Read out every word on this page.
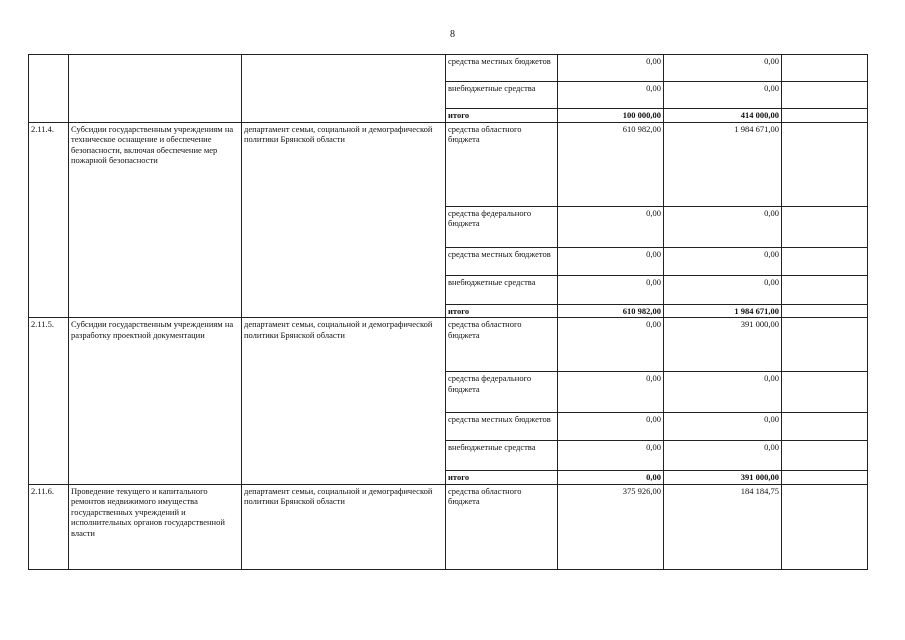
8
			средства местных бюджетов	0,00	0,00	
			внебюджетные средства	0,00	0,00	
			итого	100 000,00	414 000,00	
2.11.4.	Субсидии государственным учреждениям на техническое оснащение и обеспечение безопасности, включая обеспечение мер пожарной безопасности	департамент семьи, социальной и демографической политики Брянской области	средства областного бюджета	610 982,00	1 984 671,00	
			средства федерального бюджета	0,00	0,00	
			средства местных бюджетов	0,00	0,00	
			внебюджетные средства	0,00	0,00	
			итого	610 982,00	1 984 671,00	
2.11.5.	Субсидии государственным учреждениям на разработку проектной документации	департамент семьи, социальной и демографической политики Брянской области	средства областного бюджета	0,00	391 000,00	
			средства федерального бюджета	0,00	0,00	
			средства местных бюджетов	0,00	0,00	
			внебюджетные средства	0,00	0,00	
			итого	0,00	391 000,00	
2.11.6.	Проведение текущего и капитального ремонтов недвижимого имущества государственных учреждений и исполнительных органов государственной власти	департамент семьи, социальной и демографической политики Брянской области	средства областного бюджета	375 926,00	184 184,75	
